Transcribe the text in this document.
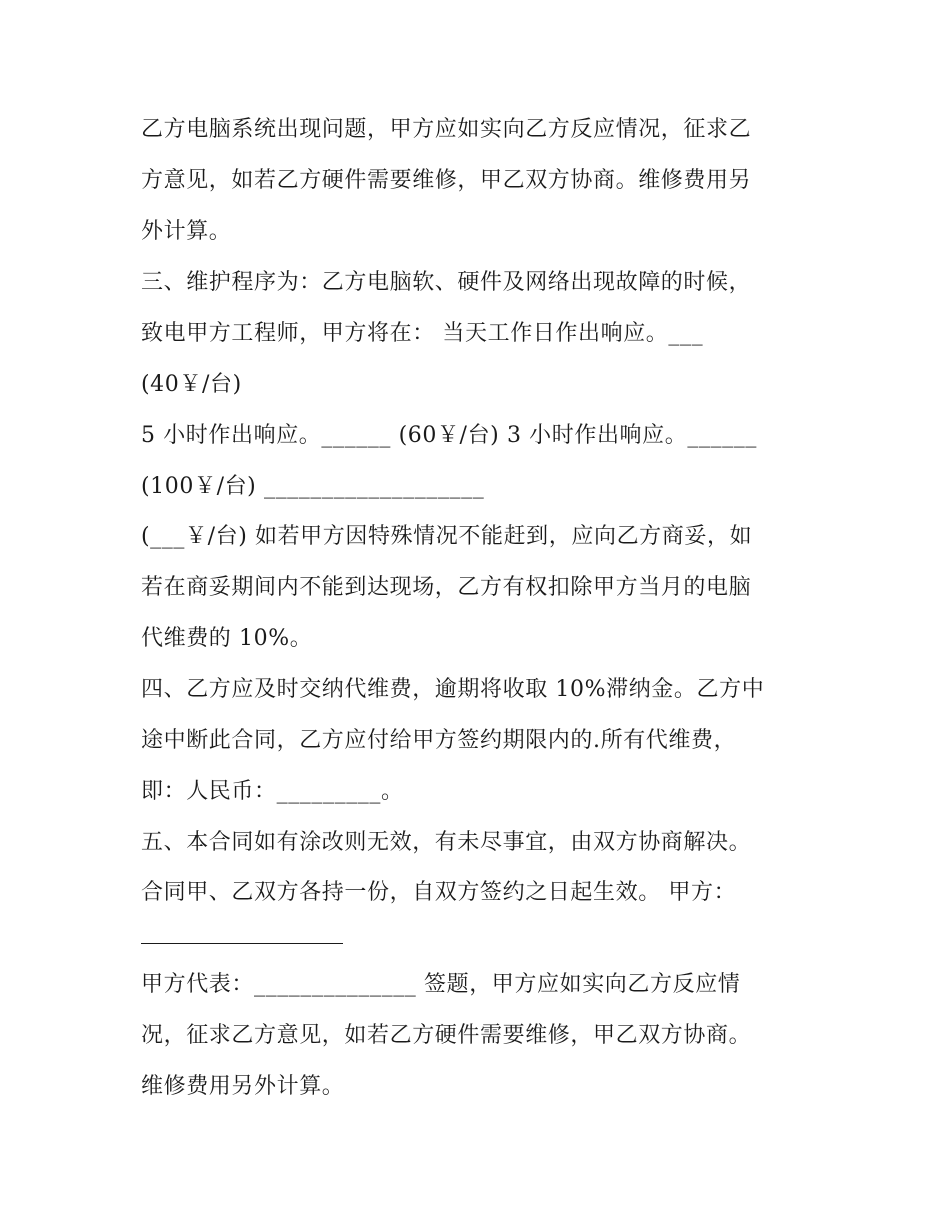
乙方电脑系统出现问题，甲方应如实向乙方反应情况，征求乙
方意见，如若乙方硬件需要维修，甲乙双方协商。维修费用另
外计算。
三、维护程序为：乙方电脑软、硬件及网络出现故障的时候，
致电甲方工程师，甲方将在： 当天工作日作出响应。___
(40￥/台)
5 小时作出响应。______ (60￥/台) 3 小时作出响应。______
(100￥/台) ___________________
(___￥/台) 如若甲方因特殊情况不能赶到，应向乙方商妥，如
若在商妥期间内不能到达现场，乙方有权扣除甲方当月的电脑
代维费的 10%。
四、乙方应及时交纳代维费，逾期将收取 10%滞纳金。乙方中
途中断此合同，乙方应付给甲方签约期限内的.所有代维费，
即：人民币：_________。
五、本合同如有涂改则无效，有未尽事宜，由双方协商解决。
合同甲、乙双方各持一份，自双方签约之日起生效。 甲方：
甲方代表：______________ 签题，甲方应如实向乙方反应情
况，征求乙方意见，如若乙方硬件需要维修，甲乙双方协商。
维修费用另外计算。
